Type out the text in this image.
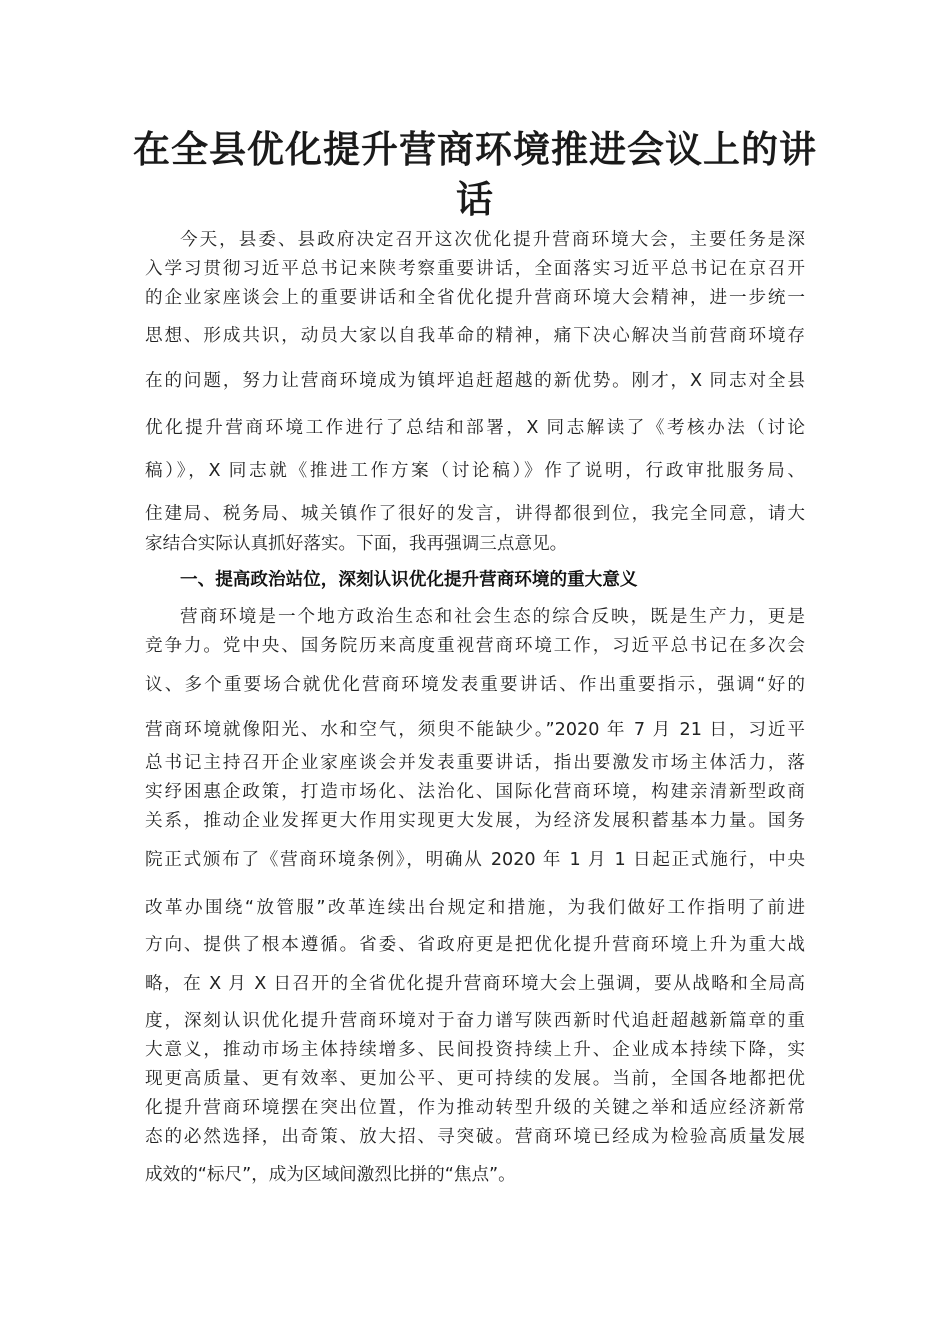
在全县优化提升营商环境推进会议上的讲
话

今天，县委、县政府决定召开这次优化提升营商环境大会，主要任务是深

入学习贯彻习近平总书记来陕考察重要讲话，全面落实习近平总书记在京召开

的企业家座谈会上的重要讲话和全省优化提升营商环境大会精神，进一步统一

思想、形成共识，动员大家以自我革命的精神，痛下决心解决当前营商环境存

在的问题，努力让营商环境成为镇坪追赶超越的新优势。刚才，X 同志对全县

优化提升营商环境工作进行了总结和部署，X 同志解读了《考核办法（讨论

稿）》，X 同志就《推进工作方案（讨论稿）》作了说明，行政审批服务局、

住建局、税务局、城关镇作了很好的发言，讲得都很到位，我完全同意，请大

家结合实际认真抓好落实。下面，我再强调三点意见。

一、提高政治站位，深刻认识优化提升营商环境的重大意义

营商环境是一个地方政治生态和社会生态的综合反映，既是生产力，更是

竞争力。党中央、国务院历来高度重视营商环境工作，习近平总书记在多次会

议、多个重要场合就优化营商环境发表重要讲话、作出重要指示，强调“好的

营商环境就像阳光、水和空气，须臾不能缺少。”2020 年 7 月 21 日，习近平

总书记主持召开企业家座谈会并发表重要讲话，指出要激发市场主体活力，落

实纾困惠企政策，打造市场化、法治化、国际化营商环境，构建亲清新型政商

关系，推动企业发挥更大作用实现更大发展，为经济发展积蓄基本力量。国务

院正式颁布了《营商环境条例》，明确从 2020 年 1 月 1 日起正式施行，中央

改革办围绕“放管服”改革连续出台规定和措施，为我们做好工作指明了前进

方向、提供了根本遵循。省委、省政府更是把优化提升营商环境上升为重大战

略，在 X 月 X 日召开的全省优化提升营商环境大会上强调，要从战略和全局高

度，深刻认识优化提升营商环境对于奋力谱写陕西新时代追赶超越新篇章的重

大意义，推动市场主体持续增多、民间投资持续上升、企业成本持续下降，实

现更高质量、更有效率、更加公平、更可持续的发展。当前，全国各地都把优

化提升营商环境摆在突出位置，作为推动转型升级的关键之举和适应经济新常

态的必然选择，出奇策、放大招、寻突破。营商环境已经成为检验高质量发展

成效的“标尺”，成为区域间激烈比拼的“焦点”。
